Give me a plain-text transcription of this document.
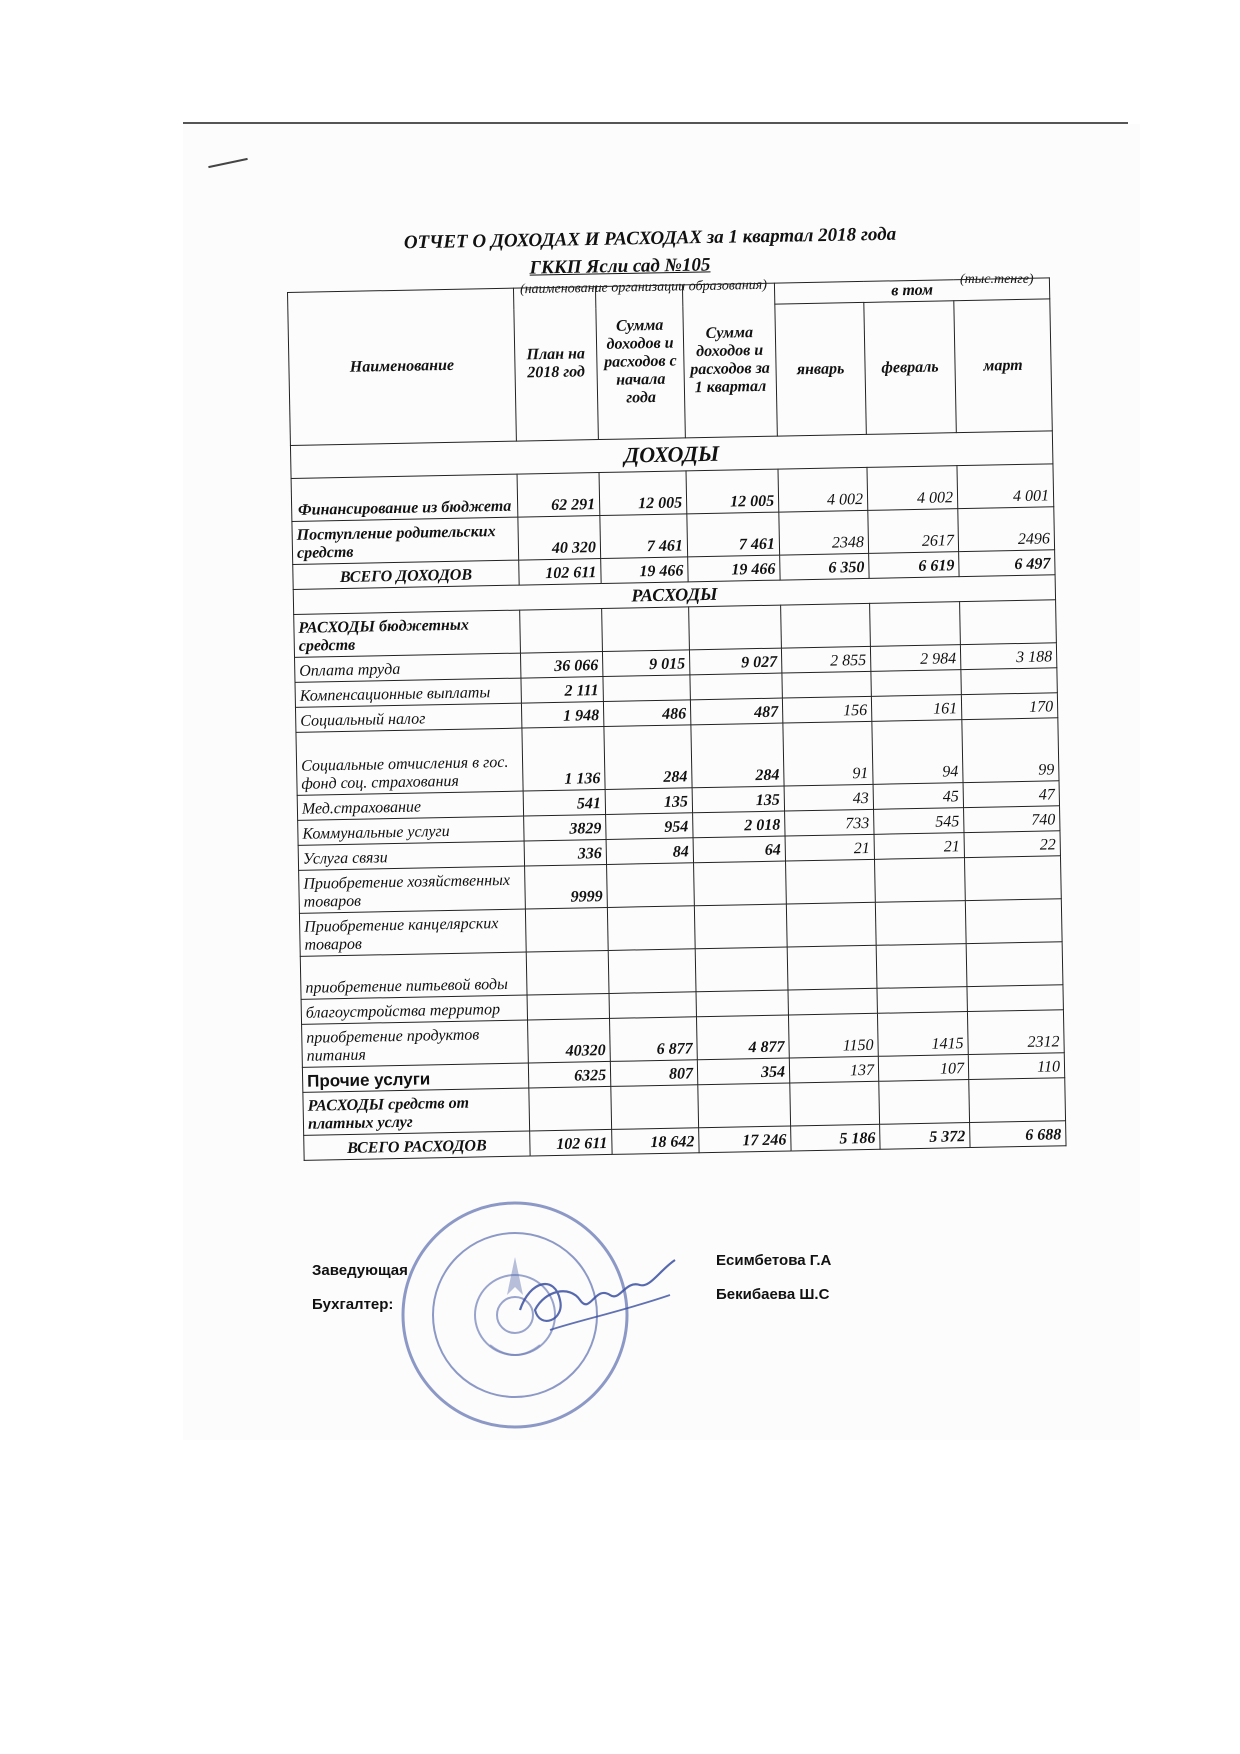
ОТЧЕТ О ДОХОДАХ И РАСХОДАХ за 1 квартал 2018 года
ГККП Ясли сад №105
(наименование организации образования)	(тыс.тенге)
Наименование	План на 2018 год	Сумма доходов и расходов с начала года	Сумма доходов и расходов за 1 квартал	в том		
				январь	февраль	март
ДОХОДЫ						
Финансирование из бюджета	62 291	12 005	12 005	4 002	4 002	4 001
Поступление родительских средств	40 320	7 461	7 461	2348	2617	2496
ВСЕГО ДОХОДОВ	102 611	19 466	19 466	6 350	6 619	6 497
РАСХОДЫ						
РАСХОДЫ бюджетных средств						
Оплата труда	36 066	9 015	9 027	2 855	2 984	3 188
Компенсационные выплаты	2 111					
Социальный налог	1 948	486	487	156	161	170
Социальные отчисления в гос. фонд соц. страхования	1 136	284	284	91	94	99
Мед.страхование	541	135	135	43	45	47
Коммунальные услуги	3829	954	2 018	733	545	740
Услуга связи	336	84	64	21	21	22
Приобретение хозяйственных товаров	9999					
Приобретение канцелярских товаров						
приобретение питьевой воды						
благоустройства территор						
приобретение продуктов питания	40320	6 877	4 877	1150	1415	2312
Прочие услуги	6325	807	354	137	107	110
РАСХОДЫ средств от платных услуг						
ВСЕГО РАСХОДОВ	102 611	18 642	17 246	5 186	5 372	6 688
Заведующая
Есимбетова Г.А
Бухгалтер:
Бекибаева Ш.С
